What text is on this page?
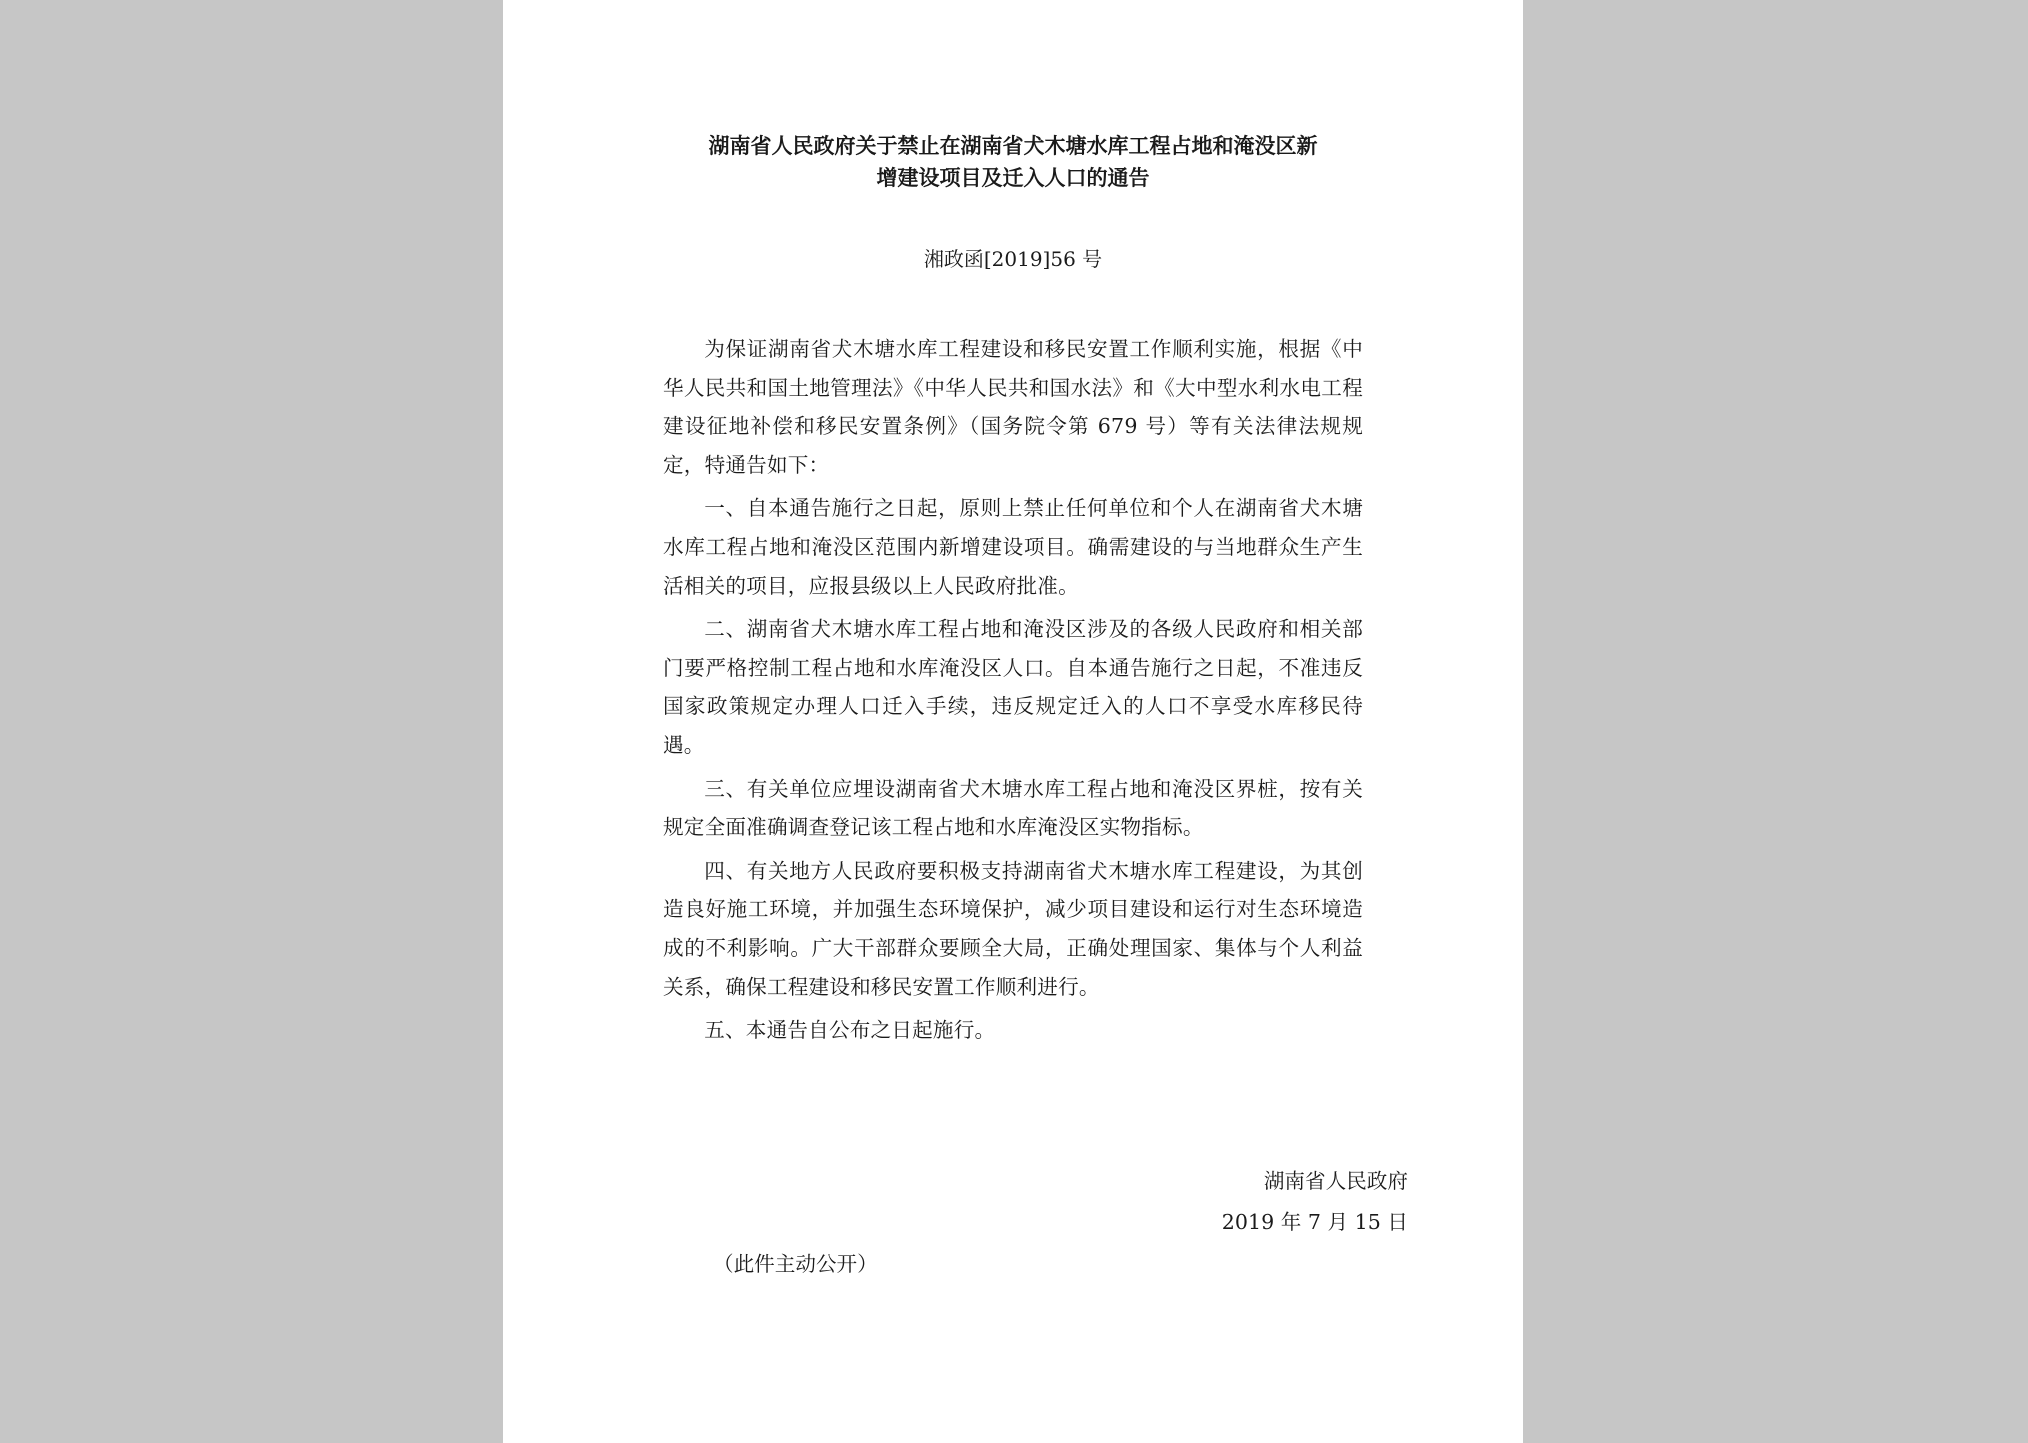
湖南省人民政府关于禁止在湖南省犬木塘水库工程占地和淹没区新
增建设项目及迁入人口的通告
湘政函[2019]56 号

为保证湖南省犬木塘水库工程建设和移民安置工作顺利实施，根据《中华人民共和国土地管理法》《中华人民共和国水法》和《大中型水利水电工程建设征地补偿和移民安置条例》（国务院令第 679 号）等有关法律法规规定，特通告如下：

一、自本通告施行之日起，原则上禁止任何单位和个人在湖南省犬木塘水库工程占地和淹没区范围内新增建设项目。确需建设的与当地群众生产生活相关的项目，应报县级以上人民政府批准。

二、湖南省犬木塘水库工程占地和淹没区涉及的各级人民政府和相关部门要严格控制工程占地和水库淹没区人口。自本通告施行之日起，不准违反国家政策规定办理人口迁入手续，违反规定迁入的人口不享受水库移民待遇。

三、有关单位应埋设湖南省犬木塘水库工程占地和淹没区界桩，按有关规定全面准确调查登记该工程占地和水库淹没区实物指标。

四、有关地方人民政府要积极支持湖南省犬木塘水库工程建设，为其创造良好施工环境，并加强生态环境保护，减少项目建设和运行对生态环境造成的不利影响。广大干部群众要顾全大局，正确处理国家、集体与个人利益关系，确保工程建设和移民安置工作顺利进行。

五、本通告自公布之日起施行。

湖南省人民政府
2019 年 7 月 15 日
（此件主动公开）
